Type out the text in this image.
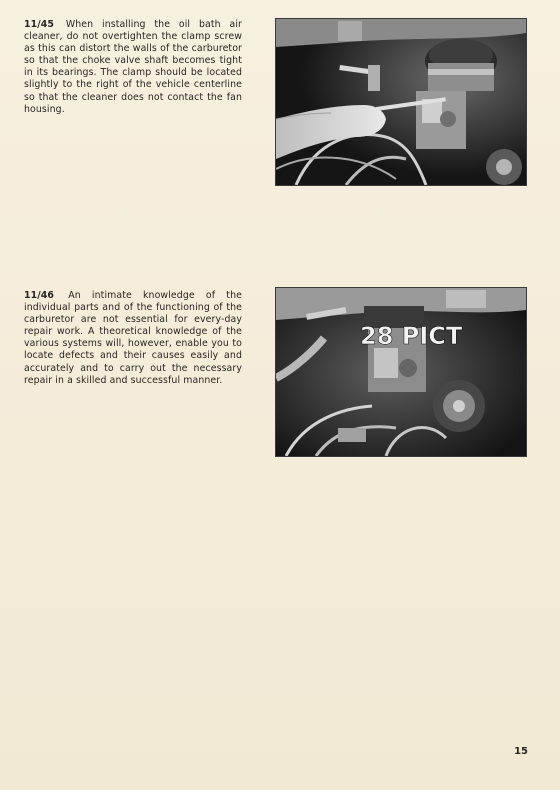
11/45 When installing the oil bath air cleaner, do not overtighten the clamp screw as this can distort the walls of the carburetor so that the choke valve shaft becomes tight in its bearings. The clamp should be located slightly to the right of the vehicle centerline so that the cleaner does not contact the fan housing.
11/46 An intimate knowledge of the individual parts and of the functioning of the carburetor are not essential for every-day repair work. A theoretical knowledge of the various systems will, however, enable you to locate defects and their causes easily and accurately and to carry out the necessary repair in a skilled and successful manner.
28 PICT
15
